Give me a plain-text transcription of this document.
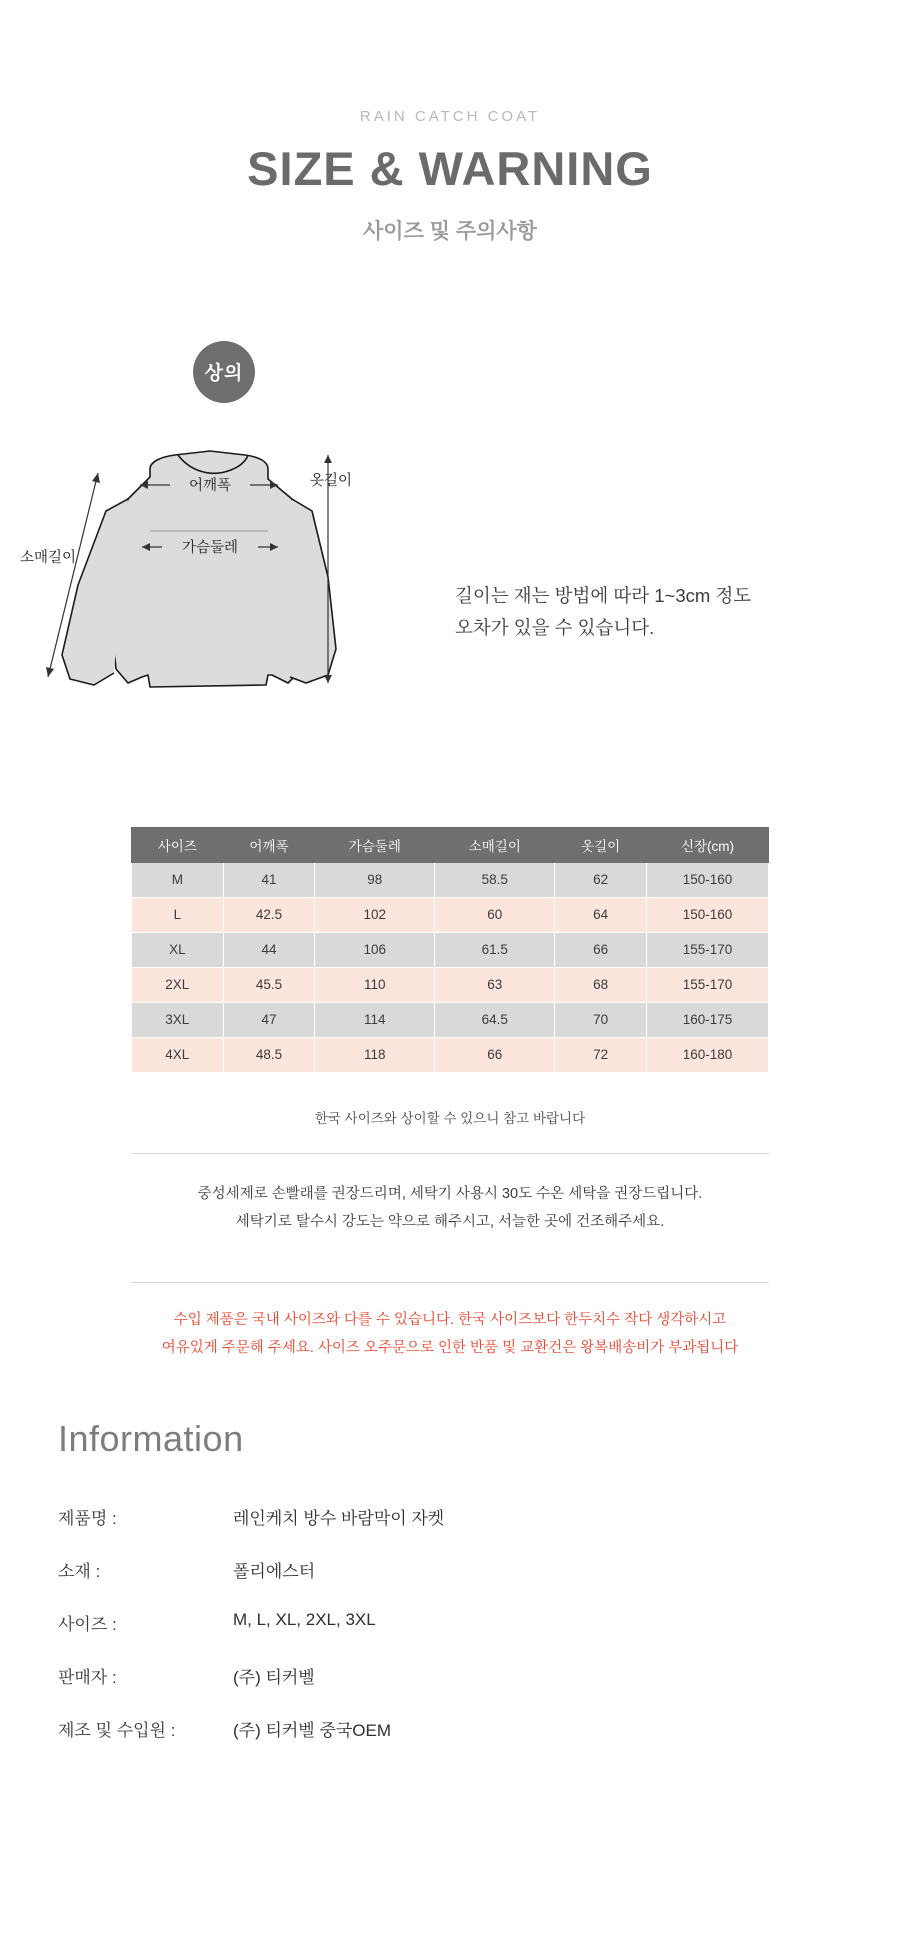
RAIN CATCH COAT
SIZE & WARNING
사이즈 및 주의사항
상의
어깨폭
가슴둘레
소매길이
옷길이
길이는 재는 방법에 따라 1~3cm 정도
오차가 있을 수 있습니다.
사이즈	어깨폭	가슴둘레	소매길이	옷길이	신장(cm)
M	41	98	58.5	62	150-160
L	42.5	102	60	64	150-160
XL	44	106	61.5	66	155-170
2XL	45.5	110	63	68	155-170
3XL	47	114	64.5	70	160-175
4XL	48.5	118	66	72	160-180
한국 사이즈와 상이할 수 있으니 참고 바랍니다
중성세제로 손빨래를 권장드리며, 세탁기 사용시 30도 수온 세탁을 권장드립니다.
세탁기로 탈수시 강도는 약으로 해주시고, 서늘한 곳에 건조해주세요.
수입 제품은 국내 사이즈와 다를 수 있습니다. 한국 사이즈보다 한두치수 작다 생각하시고
여유있게 주문해 주세요. 사이즈 오주문으로 인한 반품 및 교환건은 왕복배송비가 부과됩니다
Information
제품명 :	레인케치 방수 바람막이 자켓
소재 :	폴리에스터
사이즈 :	M, L, XL, 2XL, 3XL
판매자 :	(주) 티커벨
제조 및 수입원 :	(주) 티커벨 중국OEM
